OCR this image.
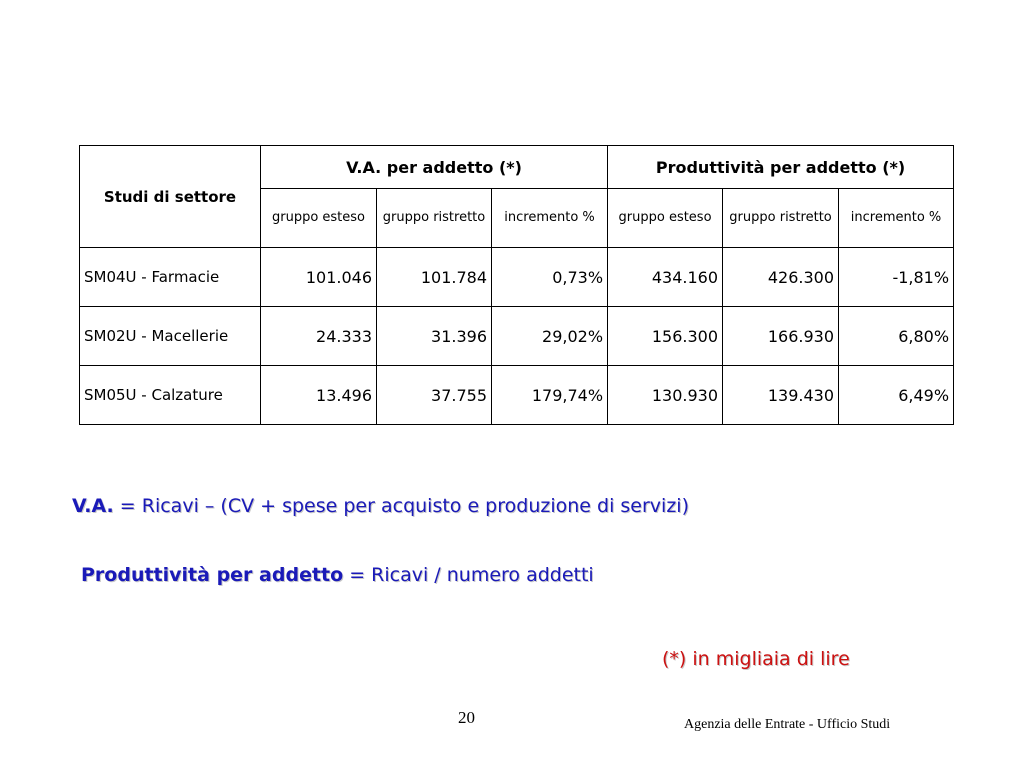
Studi di settore	V.A. per addetto (*)			Produttività per addetto (*)		
	gruppo esteso	gruppo ristretto	incremento %	gruppo esteso	gruppo ristretto	incremento %
SM04U - Farmacie	101.046	101.784	0,73%	434.160	426.300	-1,81%
SM02U - Macellerie	24.333	31.396	29,02%	156.300	166.930	6,80%
SM05U - Calzature	13.496	37.755	179,74%	130.930	139.430	6,49%
V.A. = Ricavi – (CV + spese per acquisto e produzione di servizi)
Produttività per addetto = Ricavi / numero addetti
(*) in migliaia di lire
20	Agenzia delle Entrate - Ufficio Studi
